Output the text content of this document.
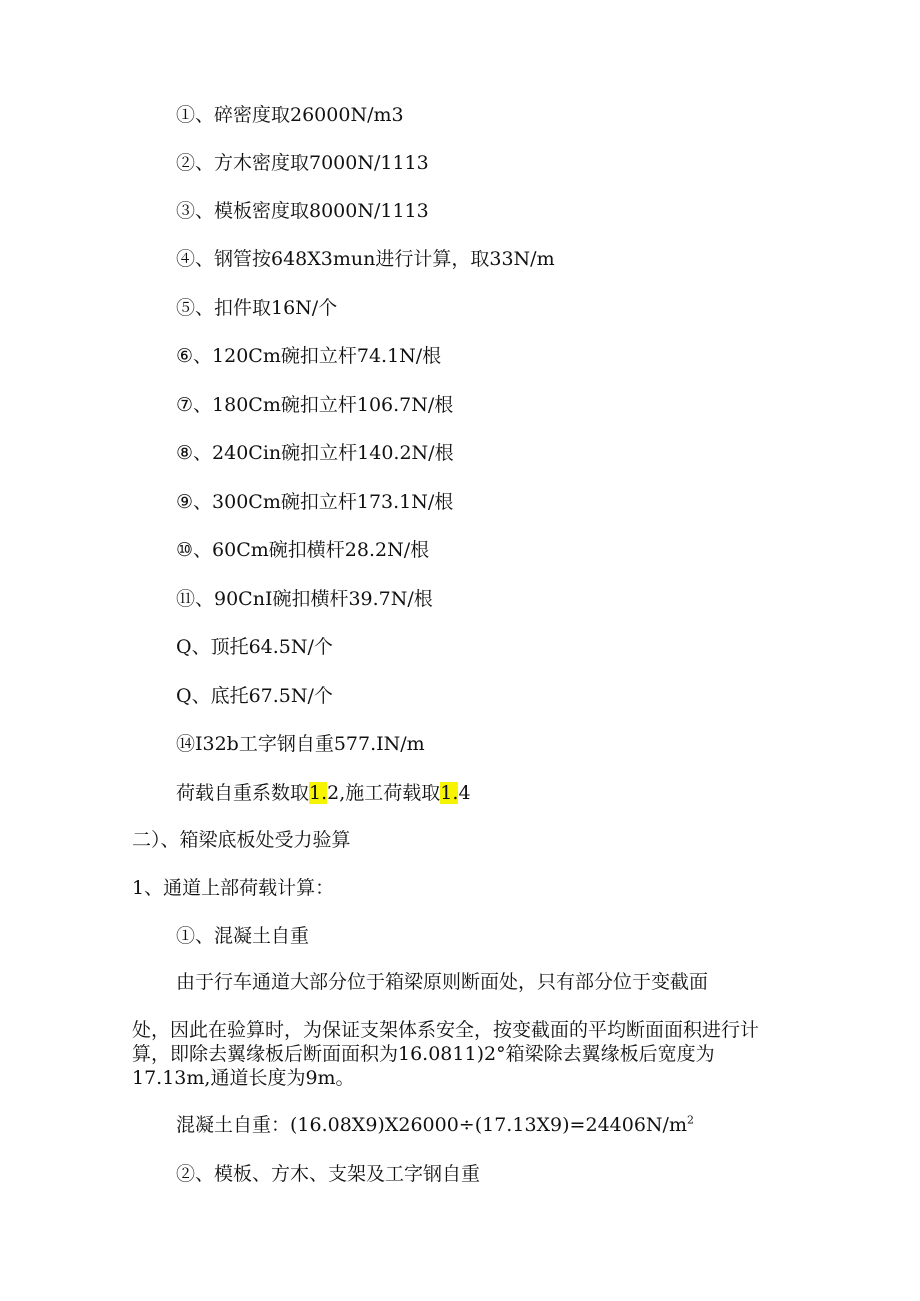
①、碎密度取26000N∕m3
②、方木密度取7000N∕1113
③、模板密度取8000N∕1113
④、钢管按648X3mun进行计算，取33N∕m
⑤、扣件取16N/个
⑥、120Cm碗扣立杆74.1N/根
⑦、180Cm碗扣立杆106.7N/根
⑧、240Cin碗扣立杆140.2N/根
⑨、300Cm碗扣立杆173.1N/根
⑩、60Cm碗扣横杆28.2N/根
⑪、90CnI碗扣横杆39.7N/根
Q、顶托64.5N/个
Q、底托67.5N/个
⑭I32b工字钢自重577.IN/m
荷载自重系数取1.2,施工荷载取1.4
二）、箱梁底板处受力验算
1、通道上部荷载计算：
①、混凝土自重
由于行车通道大部分位于箱梁原则断面处，只有部分位于变截面
处，因此在验算时，为保证支架体系安全，按变截面的平均断面面积进行计算，即除去翼缘板后断面面积为16.0811)2°箱梁除去翼缘板后宽度为17.13m,通道长度为9m。
混凝土自重：$(16.08X9)X26000\div(17.13X9)=24406N∕m^2$
②、模板、方木、支架及工字钢自重
